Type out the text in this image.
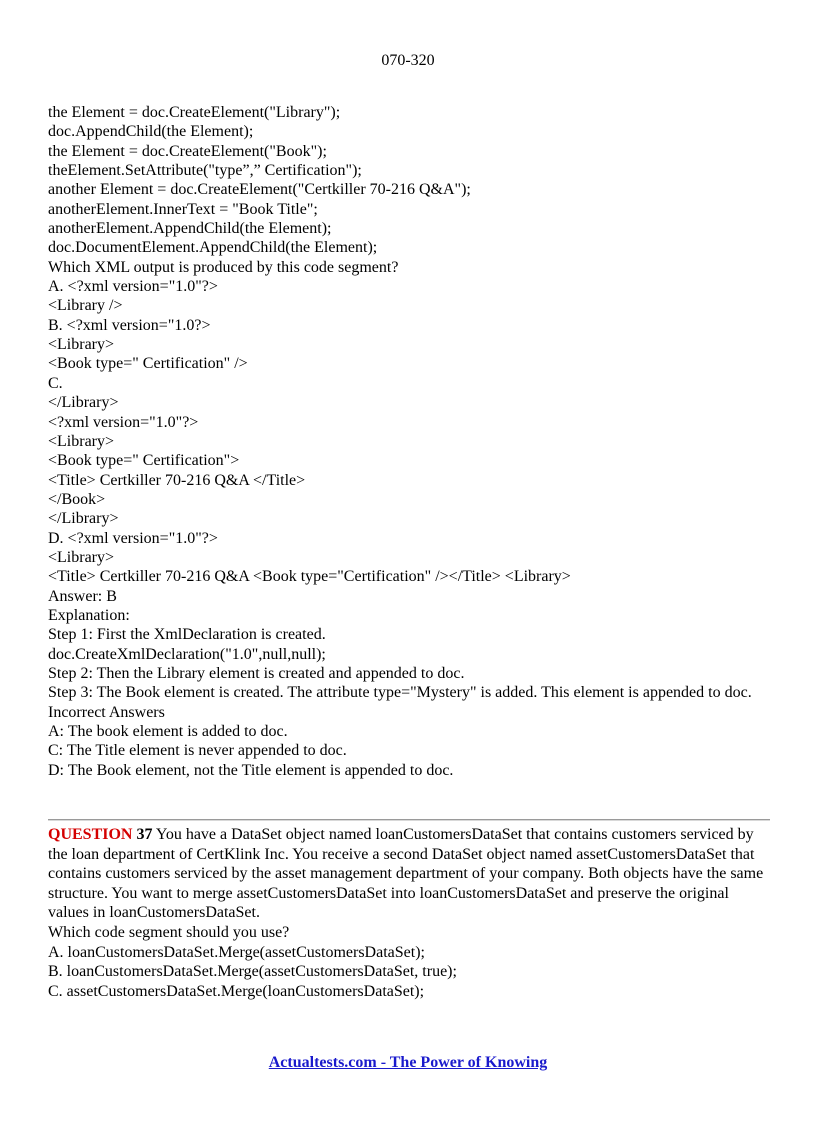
070-320
the Element = doc.CreateElement("Library");
doc.AppendChild(the Element);
the Element = doc.CreateElement("Book");
theElement.SetAttribute("type”,” Certification");
another Element = doc.CreateElement("Certkiller 70-216 Q&A");
anotherElement.InnerText = "Book Title";
anotherElement.AppendChild(the Element);
doc.DocumentElement.AppendChild(the Element);
Which XML output is produced by this code segment?
A. <?xml version="1.0"?>
<Library />
B. <?xml version="1.0?>
<Library>
<Book type=" Certification" />
C.
</Library>
<?xml version="1.0"?>
<Library>
<Book type=" Certification">
<Title> Certkiller 70-216 Q&A </Title>
</Book>
</Library>
D. <?xml version="1.0"?>
<Library>
<Title> Certkiller 70-216 Q&A <Book type="Certification" /></Title> <Library>
Answer: B
Explanation:
Step 1: First the XmlDeclaration is created.
doc.CreateXmlDeclaration("1.0",null,null);
Step 2: Then the Library element is created and appended to doc.
Step 3: The Book element is created. The attribute type="Mystery" is added. This element is appended to doc.
Incorrect Answers
A: The book element is added to doc.
C: The Title element is never appended to doc.
D: The Book element, not the Title element is appended to doc.

QUESTION 37 You have a DataSet object named loanCustomersDataSet that contains customers serviced by the loan department of CertKlink Inc. You receive a second DataSet object named assetCustomersDataSet that contains customers serviced by the asset management department of your company. Both objects have the same structure. You want to merge assetCustomersDataSet into loanCustomersDataSet and preserve the original values in loanCustomersDataSet.

Which code segment should you use?

A. loanCustomersDataSet.Merge(assetCustomersDataSet);

B. loanCustomersDataSet.Merge(assetCustomersDataSet, true);

C. assetCustomersDataSet.Merge(loanCustomersDataSet);

Actualtests.com - The Power of Knowing
